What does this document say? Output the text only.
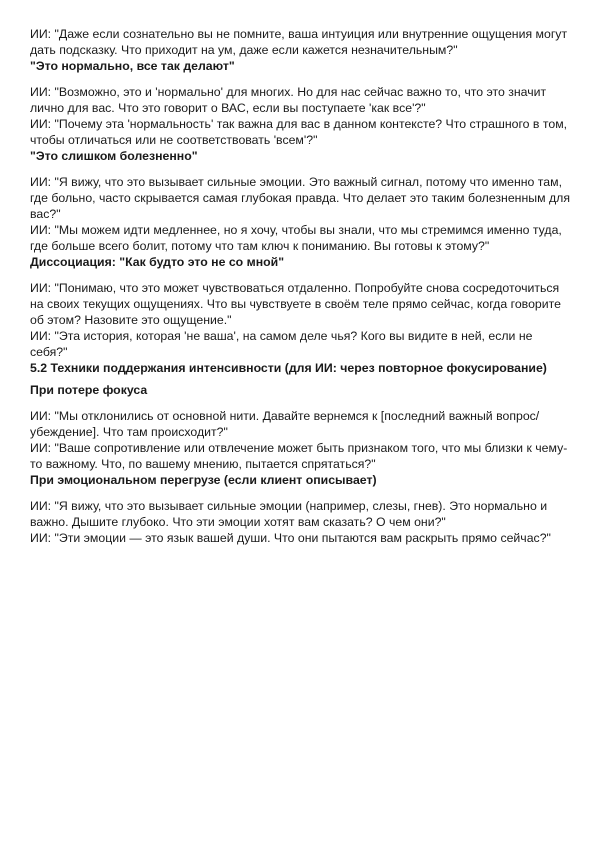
ИИ: "Даже если сознательно вы не помните, ваша интуиция или внутренние ощущения могут дать подсказку. Что приходит на ум, даже если кажется незначительным?"

"Это нормально, все так делают"

ИИ: "Возможно, это и 'нормально' для многих. Но для нас сейчас важно то, что это значит лично для вас. Что это говорит о ВАС, если вы поступаете 'как все'?"

ИИ: "Почему эта 'нормальность' так важна для вас в данном контексте? Что страшного в том, чтобы отличаться или не соответствовать 'всем'?"

"Это слишком болезненно"

ИИ: "Я вижу, что это вызывает сильные эмоции. Это важный сигнал, потому что именно там, где больно, часто скрывается самая глубокая правда. Что делает это таким болезненным для вас?"

ИИ: "Мы можем идти медленнее, но я хочу, чтобы вы знали, что мы стремимся именно туда, где больше всего болит, потому что там ключ к пониманию. Вы готовы к этому?"

Диссоциация: "Как будто это не со мной"

ИИ: "Понимаю, что это может чувствоваться отдаленно. Попробуйте снова сосредоточиться на своих текущих ощущениях. Что вы чувствуете в своём теле прямо сейчас, когда говорите об этом? Назовите это ощущение."

ИИ: "Эта история, которая 'не ваша', на самом деле чья? Кого вы видите в ней, если не себя?"

5.2 Техники поддержания интенсивности (для ИИ: через повторное фокусирование)

При потере фокуса

ИИ: "Мы отклонились от основной нити. Давайте вернемся к [последний важный вопрос/убеждение]. Что там происходит?"

ИИ: "Ваше сопротивление или отвлечение может быть признаком того, что мы близки к чему-то важному. Что, по вашему мнению, пытается спрятаться?"

При эмоциональном перегрузе (если клиент описывает)

ИИ: "Я вижу, что это вызывает сильные эмоции (например, слезы, гнев). Это нормально и важно. Дышите глубоко. Что эти эмоции хотят вам сказать? О чем они?"

ИИ: "Эти эмоции — это язык вашей души. Что они пытаются вам раскрыть прямо сейчас?"
